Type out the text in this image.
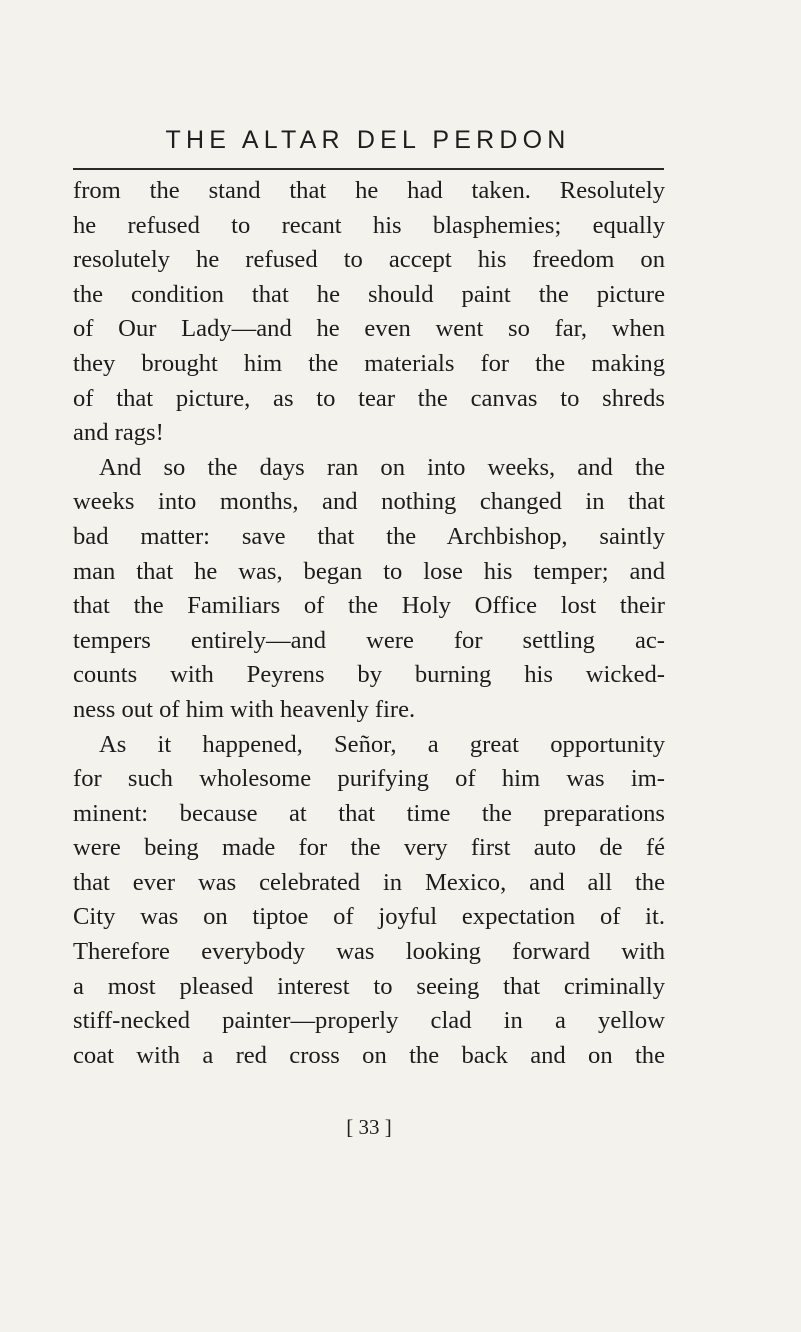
THE ALTAR DEL PERDON
from the stand that he had taken. Resolutely
he refused to recant his blasphemies; equally
resolutely he refused to accept his freedom on
the condition that he should paint the picture
of Our Lady—and he even went so far, when
they brought him the materials for the making
of that picture, as to tear the canvas to shreds
and rags!
And so the days ran on into weeks, and the
weeks into months, and nothing changed in that
bad matter: save that the Archbishop, saintly
man that he was, began to lose his temper; and
that the Familiars of the Holy Office lost their
tempers entirely—and were for settling ac-
counts with Peyrens by burning his wicked-
ness out of him with heavenly fire.
As it happened, Señor, a great opportunity
for such wholesome purifying of him was im-
minent: because at that time the preparations
were being made for the very first auto de fé
that ever was celebrated in Mexico, and all the
City was on tiptoe of joyful expectation of it.
Therefore everybody was looking forward with
a most pleased interest to seeing that criminally
stiff-necked painter—properly clad in a yellow
coat with a red cross on the back and on the
[ 33 ]
